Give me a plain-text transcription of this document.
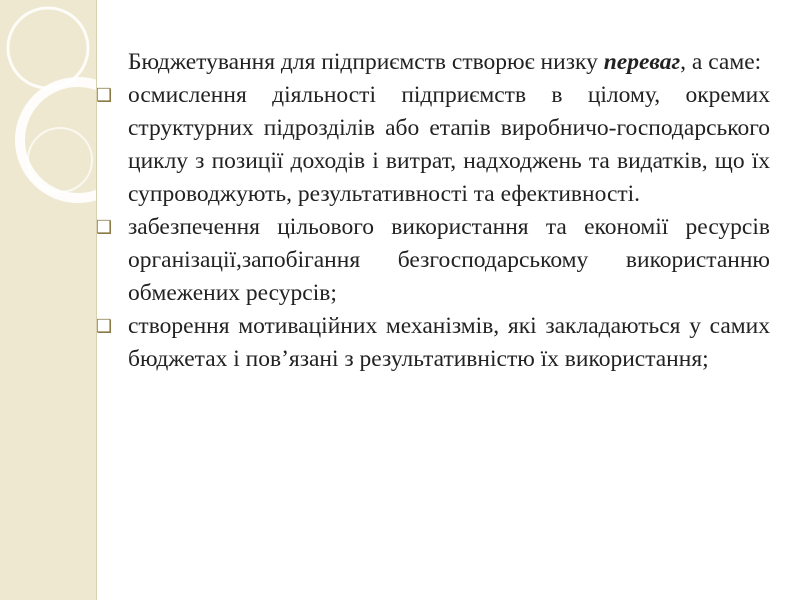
Бюджетування для підприємств створює низку переваг, а саме:

❑ осмислення діяльності підприємств в цілому, окремих структурних підрозділів або етапів виробничо-господарського циклу з позиції доходів і витрат, надходжень та видатків, що їх супроводжують, результативності та ефективності.
❑ забезпечення цільового використання та економії ресурсів організації,запобігання безгосподарському використанню обмежених ресурсів;
❑ створення мотиваційних механізмів, які закладаються у самих бюджетах і пов’язані з результативністю їх використання;
